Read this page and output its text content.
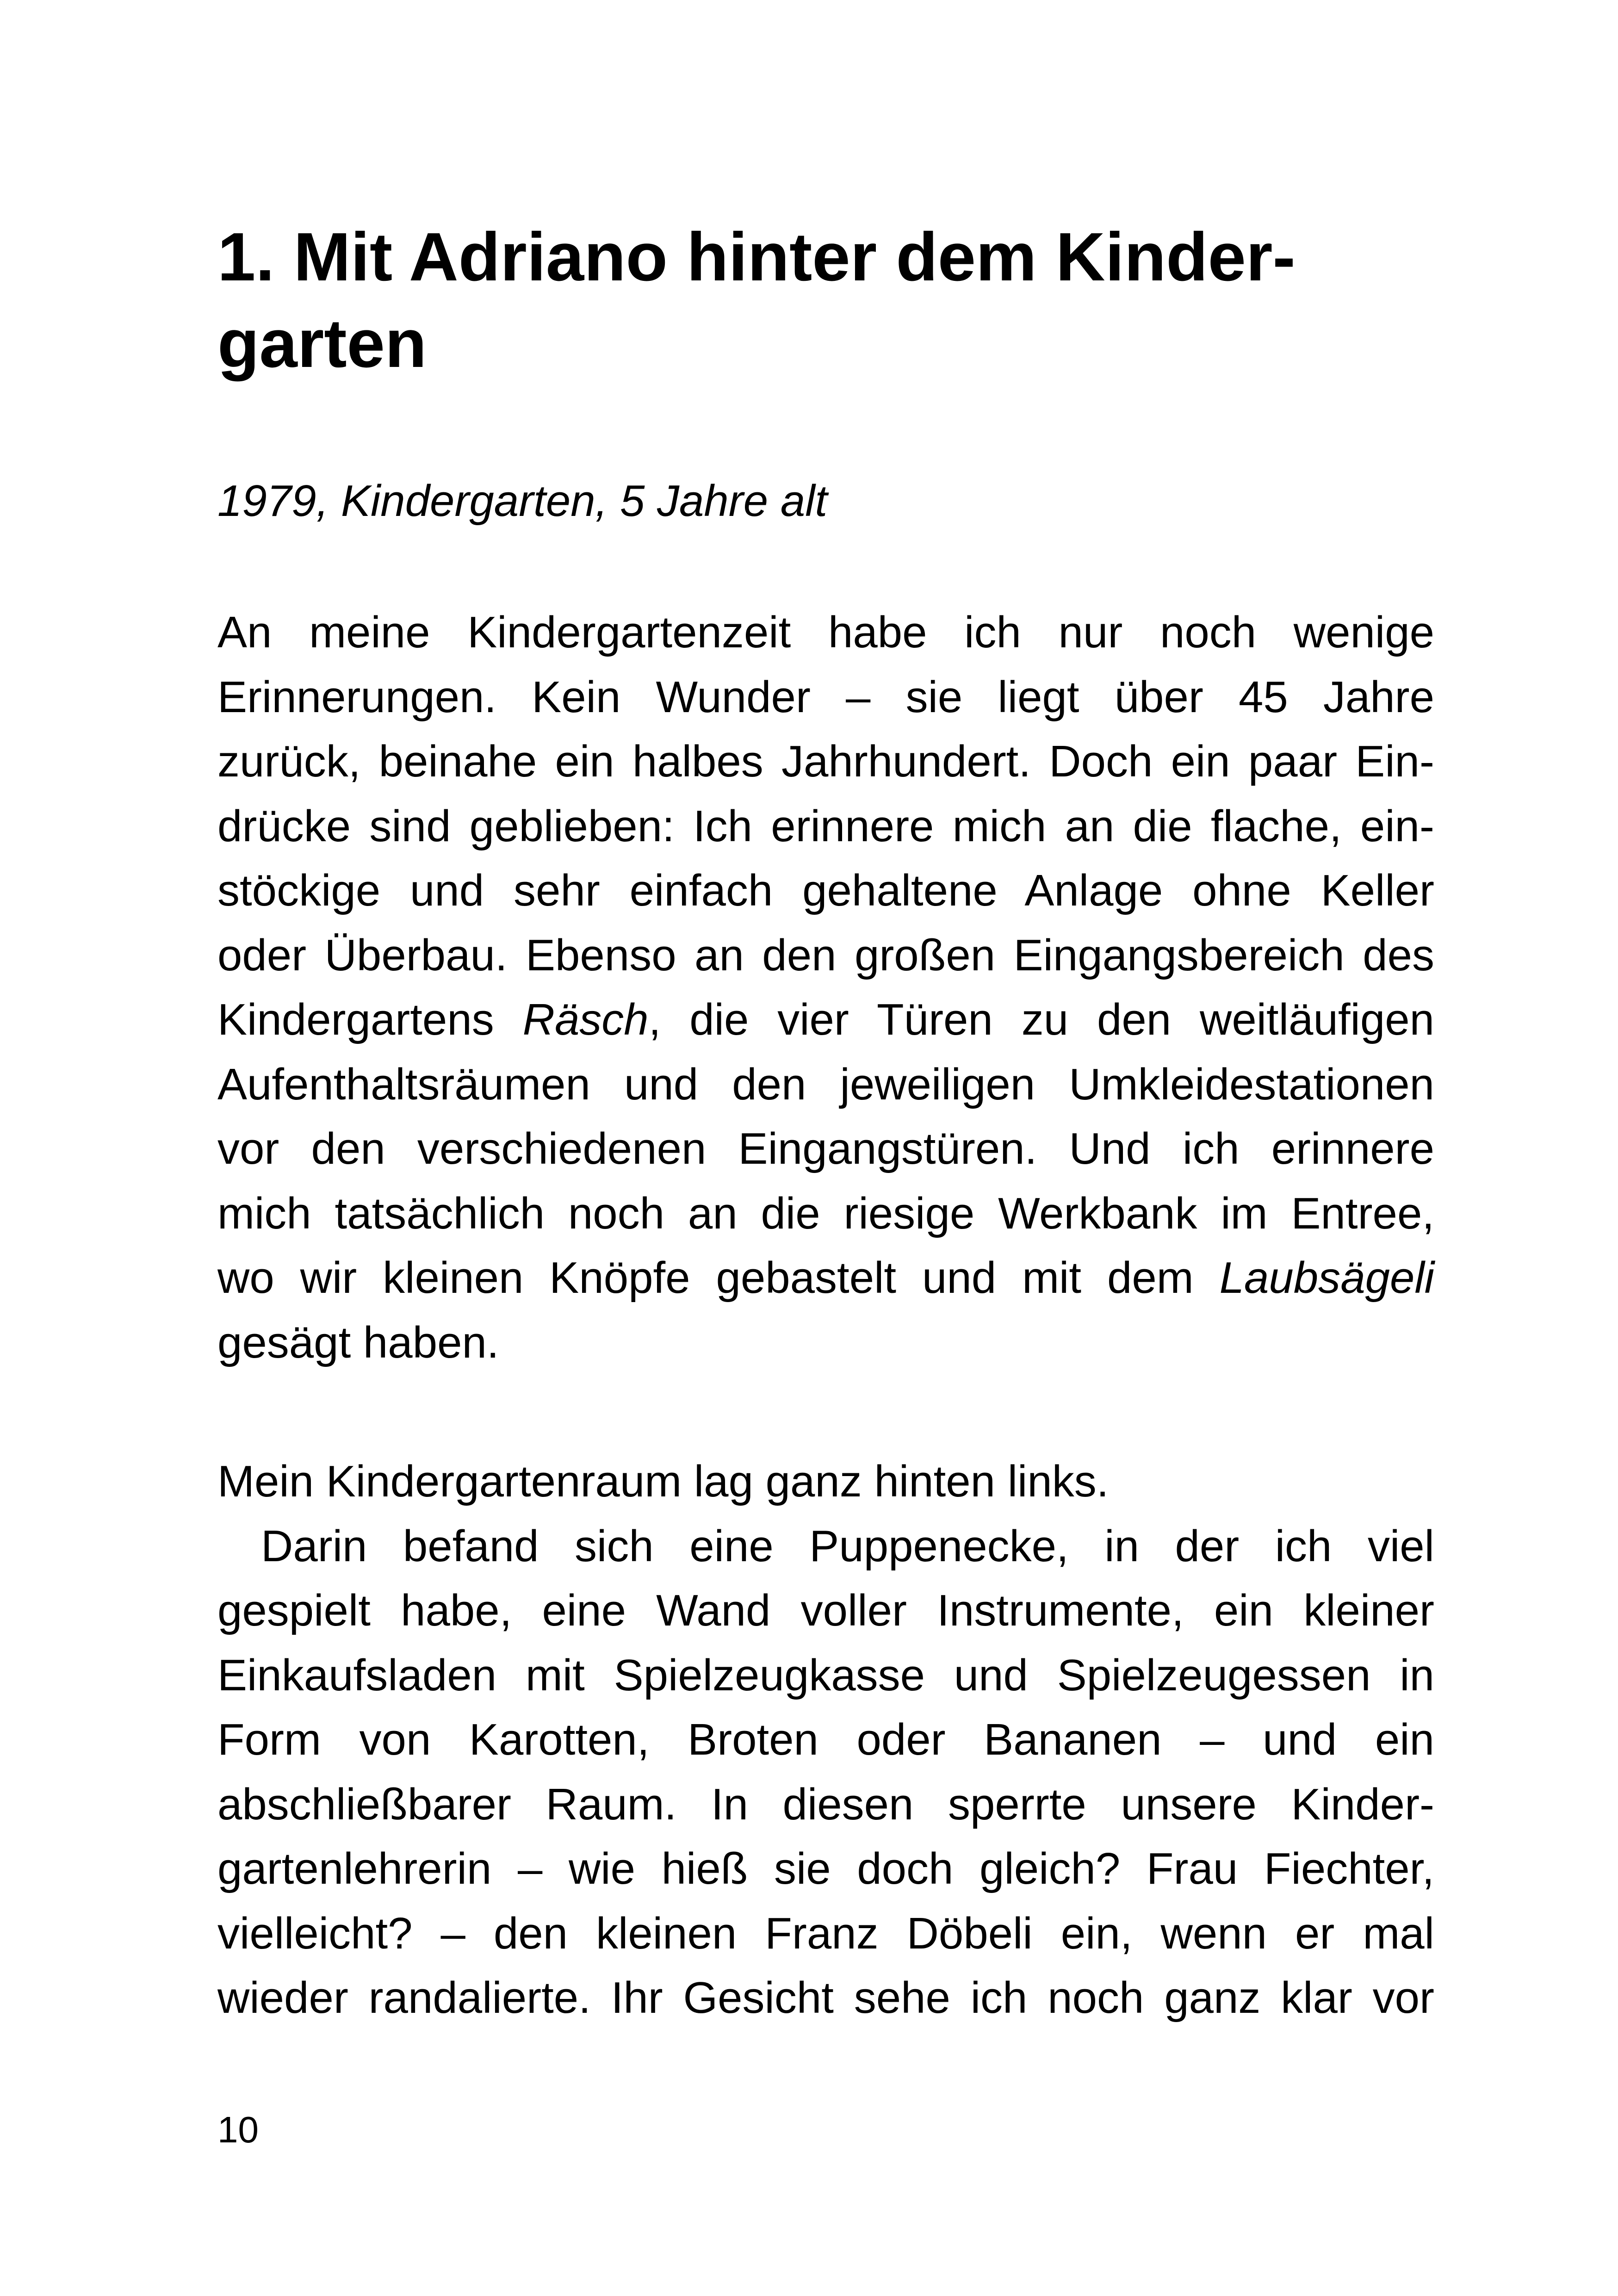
1. Mit Adriano hinter dem Kinder-
garten

1979, Kindergarten, 5 Jahre alt

An meine Kindergartenzeit habe ich nur noch wenige
Erinnerungen. Kein Wunder – sie liegt über 45 Jahre
zurück, beinahe ein halbes Jahrhundert. Doch ein paar Ein-
drücke sind geblieben: Ich erinnere mich an die flache, ein-
stöckige und sehr einfach gehaltene Anlage ohne Keller
oder Überbau. Ebenso an den großen Eingangsbereich des
Kindergartens Räsch, die vier Türen zu den weitläufigen
Aufenthaltsräumen und den jeweiligen Umkleidestationen
vor den verschiedenen Eingangstüren. Und ich erinnere
mich tatsächlich noch an die riesige Werkbank im Entree,
wo wir kleinen Knöpfe gebastelt und mit dem Laubsägeli
gesägt haben.
Mein Kindergartenraum lag ganz hinten links.
Darin befand sich eine Puppenecke, in der ich viel
gespielt habe, eine Wand voller Instrumente, ein kleiner
Einkaufsladen mit Spielzeugkasse und Spielzeugessen in
Form von Karotten, Broten oder Bananen – und ein
abschließbarer Raum. In diesen sperrte unsere Kinder-
gartenlehrerin – wie hieß sie doch gleich? Frau Fiechter,
vielleicht? – den kleinen Franz Döbeli ein, wenn er mal
wieder randalierte. Ihr Gesicht sehe ich noch ganz klar vor
10
